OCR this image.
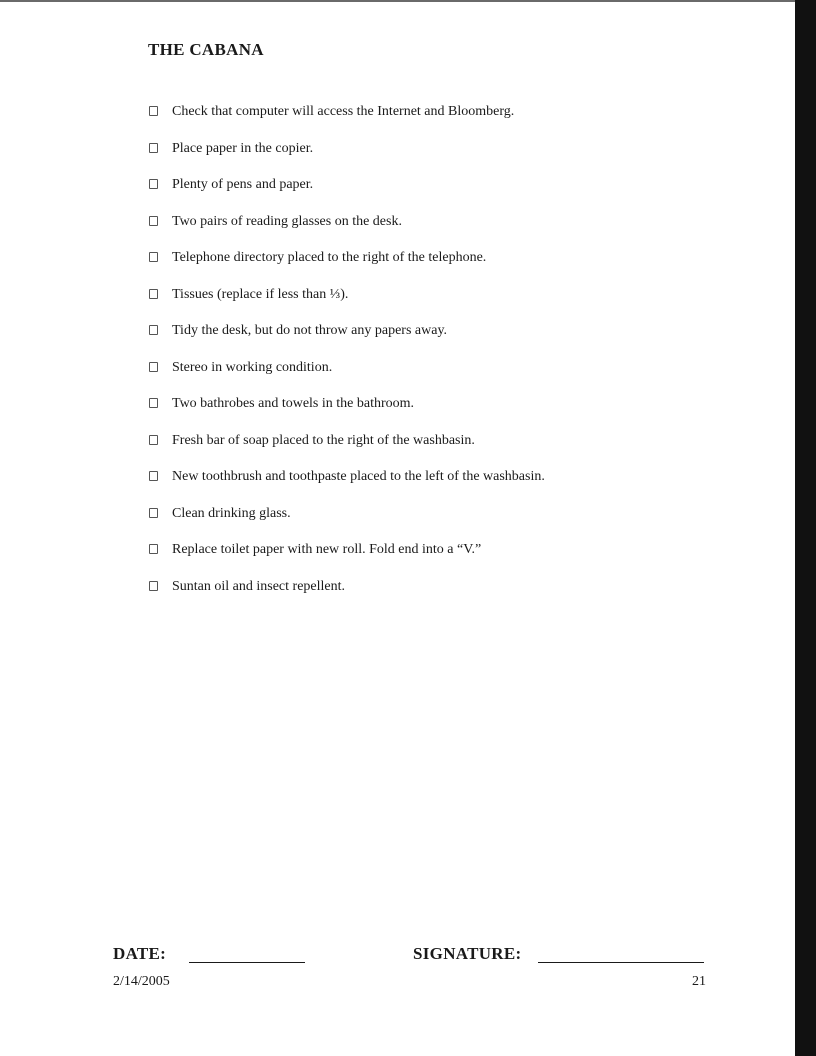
THE CABANA
Check that computer will access the Internet and Bloomberg.
Place paper in the copier.
Plenty of pens and paper.
Two pairs of reading glasses on the desk.
Telephone directory placed to the right of the telephone.
Tissues (replace if less than ⅓).
Tidy the desk, but do not throw any papers away.
Stereo in working condition.
Two bathrobes and towels in the bathroom.
Fresh bar of soap placed to the right of the washbasin.
New toothbrush and toothpaste placed to the left of the washbasin.
Clean drinking glass.
Replace toilet paper with new roll. Fold end into a “V.”
Suntan oil and insect repellent.
DATE:	SIGNATURE:
2/14/2005	21
